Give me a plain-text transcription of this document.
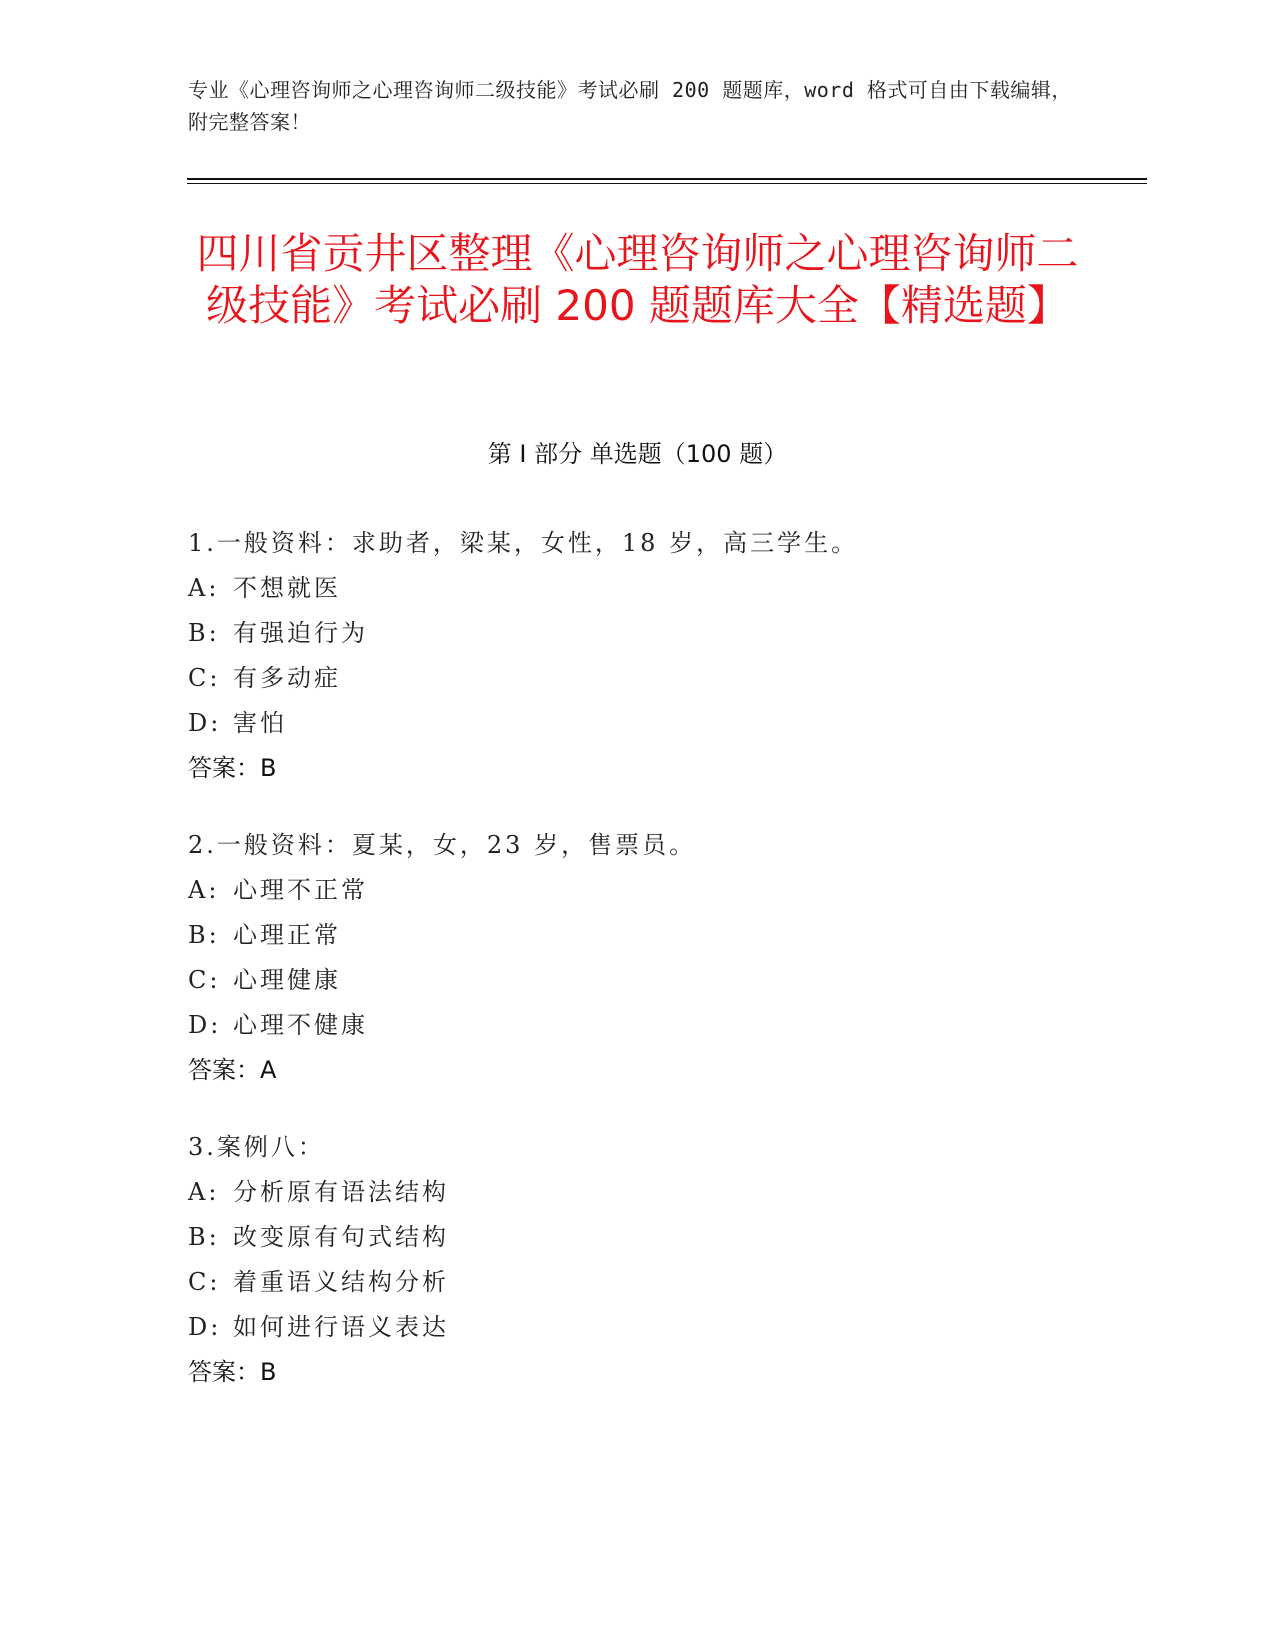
专业《心理咨询师之心理咨询师二级技能》考试必刷 200 题题库，word 格式可自由下载编辑，附完整答案！
四川省贡井区整理《心理咨询师之心理咨询师二级技能》考试必刷 200 题题库大全【精选题】
第 I 部分 单选题（100 题）
1.一般资料：求助者，梁某，女性，18 岁，高三学生。
A: 不想就医
B: 有强迫行为
C: 有多动症
D: 害怕
答案：B
2.一般资料：夏某，女，23 岁，售票员。
A: 心理不正常
B: 心理正常
C: 心理健康
D: 心理不健康
答案：A
3.案例八：
A: 分析原有语法结构
B: 改变原有句式结构
C: 着重语义结构分析
D: 如何进行语义表达
答案：B
